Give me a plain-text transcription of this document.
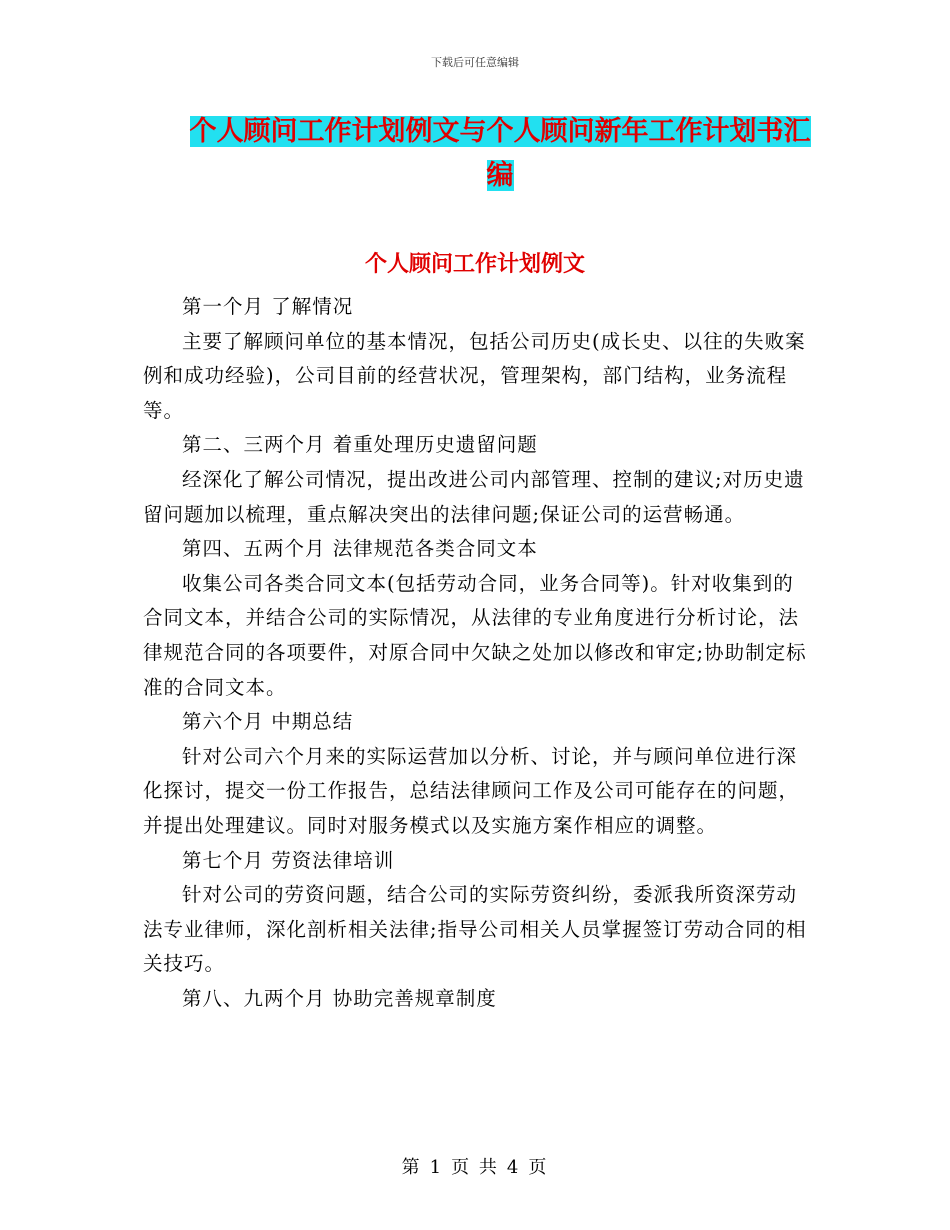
下载后可任意编辑
个人顾问工作计划例文与个人顾问新年工作计划书汇编
个人顾问工作计划例文

第一个月 了解情况

主要了解顾问单位的基本情况，包括公司历史(成长史、以往的失败案例和成功经验)，公司目前的经营状况，管理架构，部门结构，业务流程等。

第二、三两个月 着重处理历史遗留问题

经深化了解公司情况，提出改进公司内部管理、控制的建议;对历史遗留问题加以梳理，重点解决突出的法律问题;保证公司的运营畅通。

第四、五两个月 法律规范各类合同文本

收集公司各类合同文本(包括劳动合同，业务合同等)。针对收集到的合同文本，并结合公司的实际情况，从法律的专业角度进行分析讨论，法律规范合同的各项要件，对原合同中欠缺之处加以修改和审定;协助制定标准的合同文本。

第六个月 中期总结

针对公司六个月来的实际运营加以分析、讨论，并与顾问单位进行深化探讨，提交一份工作报告，总结法律顾问工作及公司可能存在的问题，并提出处理建议。同时对服务模式以及实施方案作相应的调整。

第七个月 劳资法律培训

针对公司的劳资问题，结合公司的实际劳资纠纷，委派我所资深劳动法专业律师，深化剖析相关法律;指导公司相关人员掌握签订劳动合同的相关技巧。

第八、九两个月 协助完善规章制度

第 1 页 共 4 页
